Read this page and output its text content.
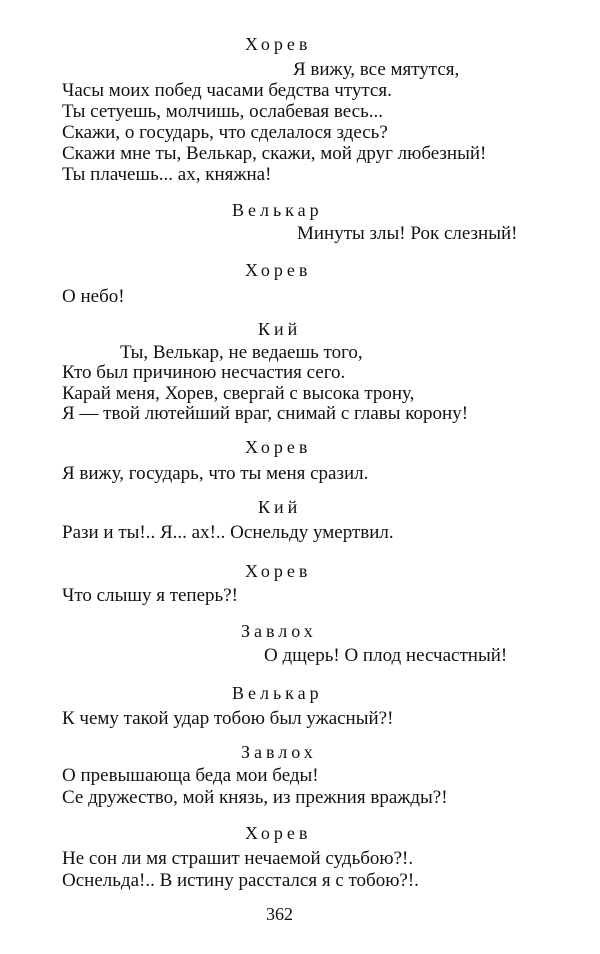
Хорев
Я вижу, все мятутся,
Часы моих побед часами бедства чтутся.
Ты сетуешь, молчишь, ослабевая весь...
Скажи, о государь, что сделалося здесь?
Скажи мне ты, Велькар, скажи, мой друг любезный!
Ты плачешь... ах, княжна!
Велькар
Минуты злы! Рок слезный!
Хорев
О небо!
Кий
Ты, Велькар, не ведаешь того,
Кто был причиною несчастия сего.
Карай меня, Хорев, свергай с высока трону,
Я — твой лютейший враг, снимай с главы корону!
Хорев
Я вижу, государь, что ты меня сразил.
Кий
Рази и ты!.. Я... ах!.. Оснельду умертвил.
Хорев
Что слышу я теперь?!
Завлох
О дщерь! О плод несчастный!
Велькар
К чему такой удар тобою был ужасный?!
Завлох
О превышающа беда мои беды!
Се дружество, мой князь, из прежния вражды?!
Хорев
Не сон ли мя страшит нечаемой судьбою?!.
Оснельда!.. В истину расстался я с тобою?!.
362
